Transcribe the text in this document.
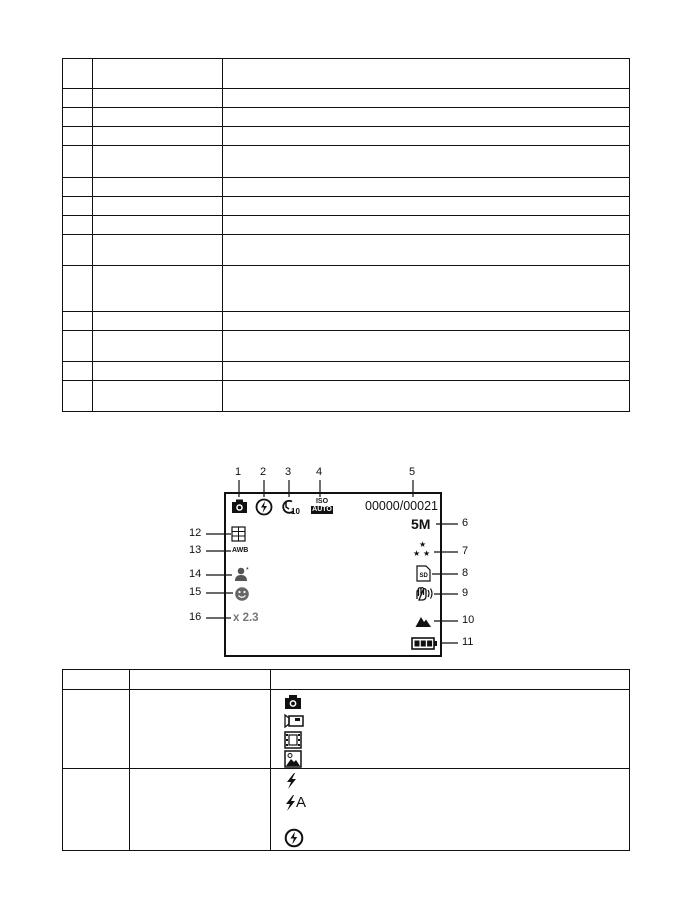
1 2 3 4	5
6
7
8
9
10
11
12
13
14
15
16
10
ISO
AUTO	00000/00021
5M
★
★ ★
SD
AWB
*
x 2.3

		A
